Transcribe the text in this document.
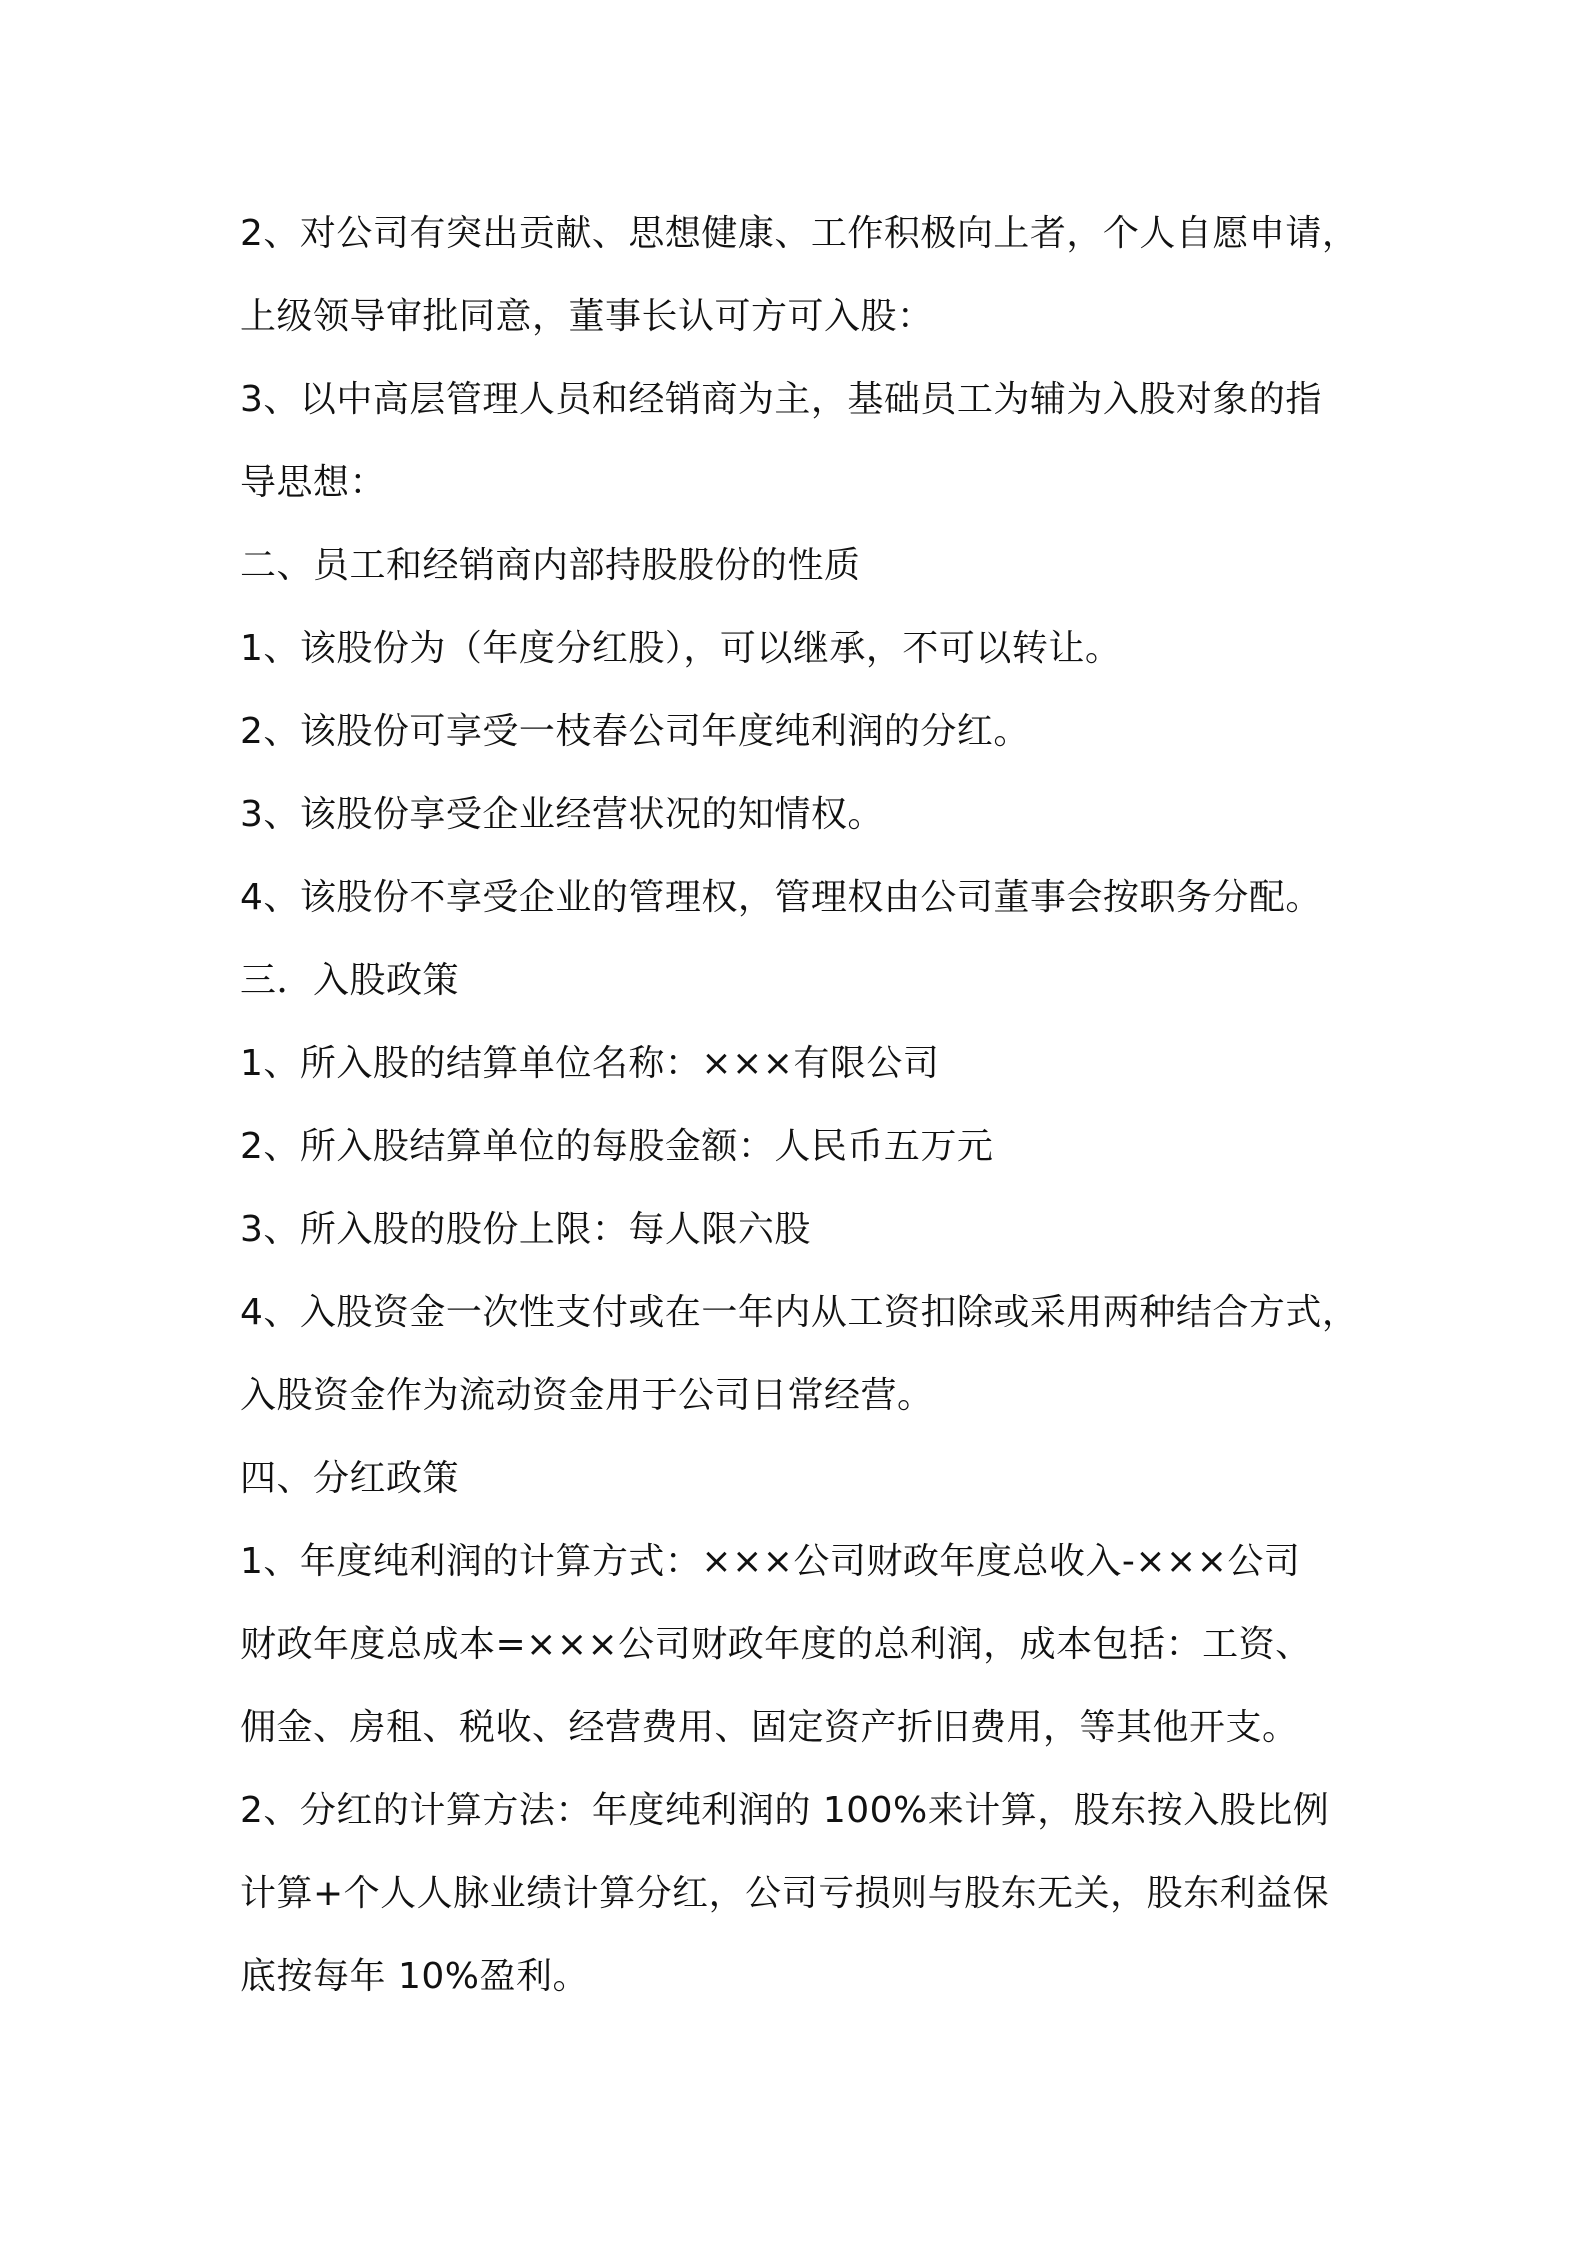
2、对公司有突出贡献、思想健康、工作积极向上者，个人自愿申请，
上级领导审批同意，董事长认可方可入股：
3、以中高层管理人员和经销商为主，基础员工为辅为入股对象的指
导思想：
二、员工和经销商内部持股股份的性质
1、该股份为（年度分红股），可以继承，不可以转让。
2、该股份可享受一枝春公司年度纯利润的分红。
3、该股份享受企业经营状况的知情权。
4、该股份不享受企业的管理权，管理权由公司董事会按职务分配。
三．入股政策
1、所入股的结算单位名称：×××有限公司
2、所入股结算单位的每股金额：人民币五万元
3、所入股的股份上限：每人限六股
4、入股资金一次性支付或在一年内从工资扣除或采用两种结合方式，
入股资金作为流动资金用于公司日常经营。
四、分红政策
1、年度纯利润的计算方式：×××公司财政年度总收入-×××公司
财政年度总成本=×××公司财政年度的总利润，成本包括：工资、
佣金、房租、税收、经营费用、固定资产折旧费用，等其他开支。
2、分红的计算方法：年度纯利润的 100%来计算，股东按入股比例
计算+个人人脉业绩计算分红，公司亏损则与股东无关，股东利益保
底按每年 10%盈利。
